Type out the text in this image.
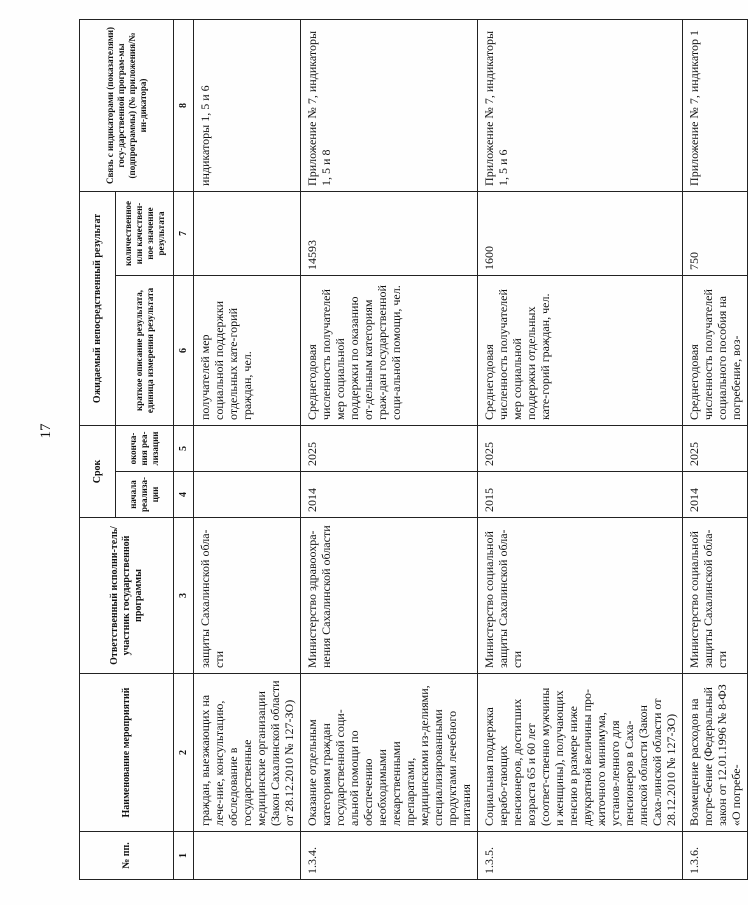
17
№ пп.	Наименование мероприятий	Ответственный исполни-тель/участник государственной программы	Срок		Ожидаемый непосредственный результат		Связь с индикаторами (показателями) госу-дарственной програм-мы (подпрограммы) (№ приложения/№ ин-дикатора)
			начала реализа-ции	оконча-ния реа-лизации	краткое описание результата, единица измерения результата	количественное или качествен-ное значение результата	
1	2	3	4	5	6	7	8
	граждан, выезжающих на лече-ние, консультацию, обследование в государственные медицинские организации (Закон Сахалинской области от 28.12.2010 № 127-ЗО)	защиты Сахалинской обла-сти			получателей мер социальной поддержки отдельных кате-горий граждан, чел.		индикаторы 1, 5 и 6
1.3.4.	Оказание отдельным категориям граждан государственной соци-альной помощи по обеспечению необходимыми лекарственными препаратами, медицинскими из-делиями, специализированными продуктами лечебного питания	Министерство здравоохра-нения Сахалинской области	2014	2025	Среднегодовая численность получателей мер социальной поддержки по оказанию от-дельным категориям граж-дан государственной соци-альной помощи, чел.	14593	Приложение № 7, индикаторы 1, 5 и 8
1.3.5.	Социальная поддержка нерабо-тающих пенсионеров, достигших возраста 65 и 60 лет (соответ-ственно мужчины и женщины), получающих пенсию в размере ниже двукратной величины про-житочного минимума, установ-ленного для пенсионеров в Саха-линской области (Закон Саха-линской области от 28.12.2010 № 127-ЗО)	Министерство социальной защиты Сахалинской обла-сти	2015	2025	Среднегодовая численность получателей мер социальной поддержки отдельных кате-горий граждан, чел.	1600	Приложение № 7, индикаторы 1, 5 и 6
1.3.6.	Возмещение расходов на погре-бение (Федеральный закон от 12.01.1996 № 8-ФЗ «О погребе-	Министерство социальной защиты Сахалинской обла-сти	2014	2025	Среднегодовая численность получателей социального пособия на погребение, воз-	750	Приложение № 7, индикатор 1
